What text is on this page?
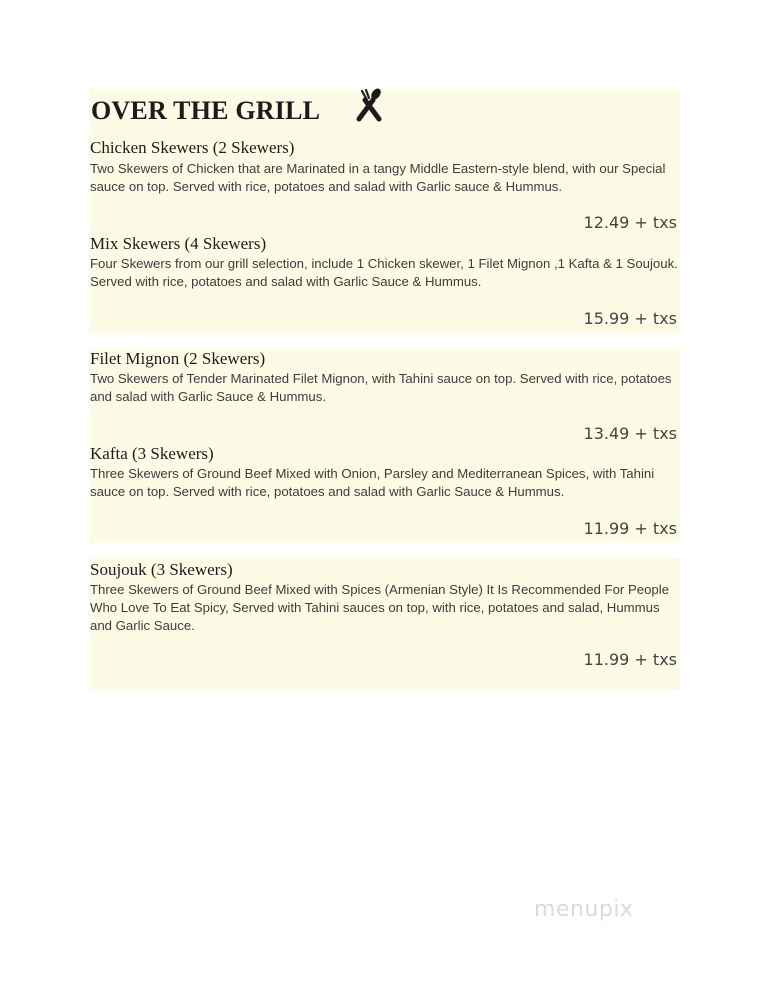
OVER THE GRILL
Chicken Skewers (2 Skewers)
Two Skewers of Chicken that are Marinated in a tangy Middle Eastern-style blend, with our Special sauce on top. Served with rice, potatoes and salad with Garlic sauce & Hummus.
12.49 + txs
Mix Skewers (4 Skewers)
Four Skewers from our grill selection, include 1 Chicken skewer, 1 Filet Mignon ,1 Kafta & 1 Soujouk. Served with rice, potatoes and salad with Garlic Sauce & Hummus.
15.99 + txs
Filet Mignon (2 Skewers)
Two Skewers of Tender Marinated Filet Mignon, with Tahini sauce on top. Served with rice, potatoes and salad with Garlic Sauce & Hummus.
13.49 + txs
Kafta (3 Skewers)
Three Skewers of Ground Beef Mixed with Onion, Parsley and Mediterranean Spices, with Tahini sauce on top. Served with rice, potatoes and salad with Garlic Sauce & Hummus.
11.99 + txs
Soujouk (3 Skewers)
Three Skewers of Ground Beef Mixed with Spices (Armenian Style) It Is Recommended For People Who Love To Eat Spicy, Served with Tahini sauces on top, with rice, potatoes and salad, Hummus and Garlic Sauce.
11.99 + txs
menupix
